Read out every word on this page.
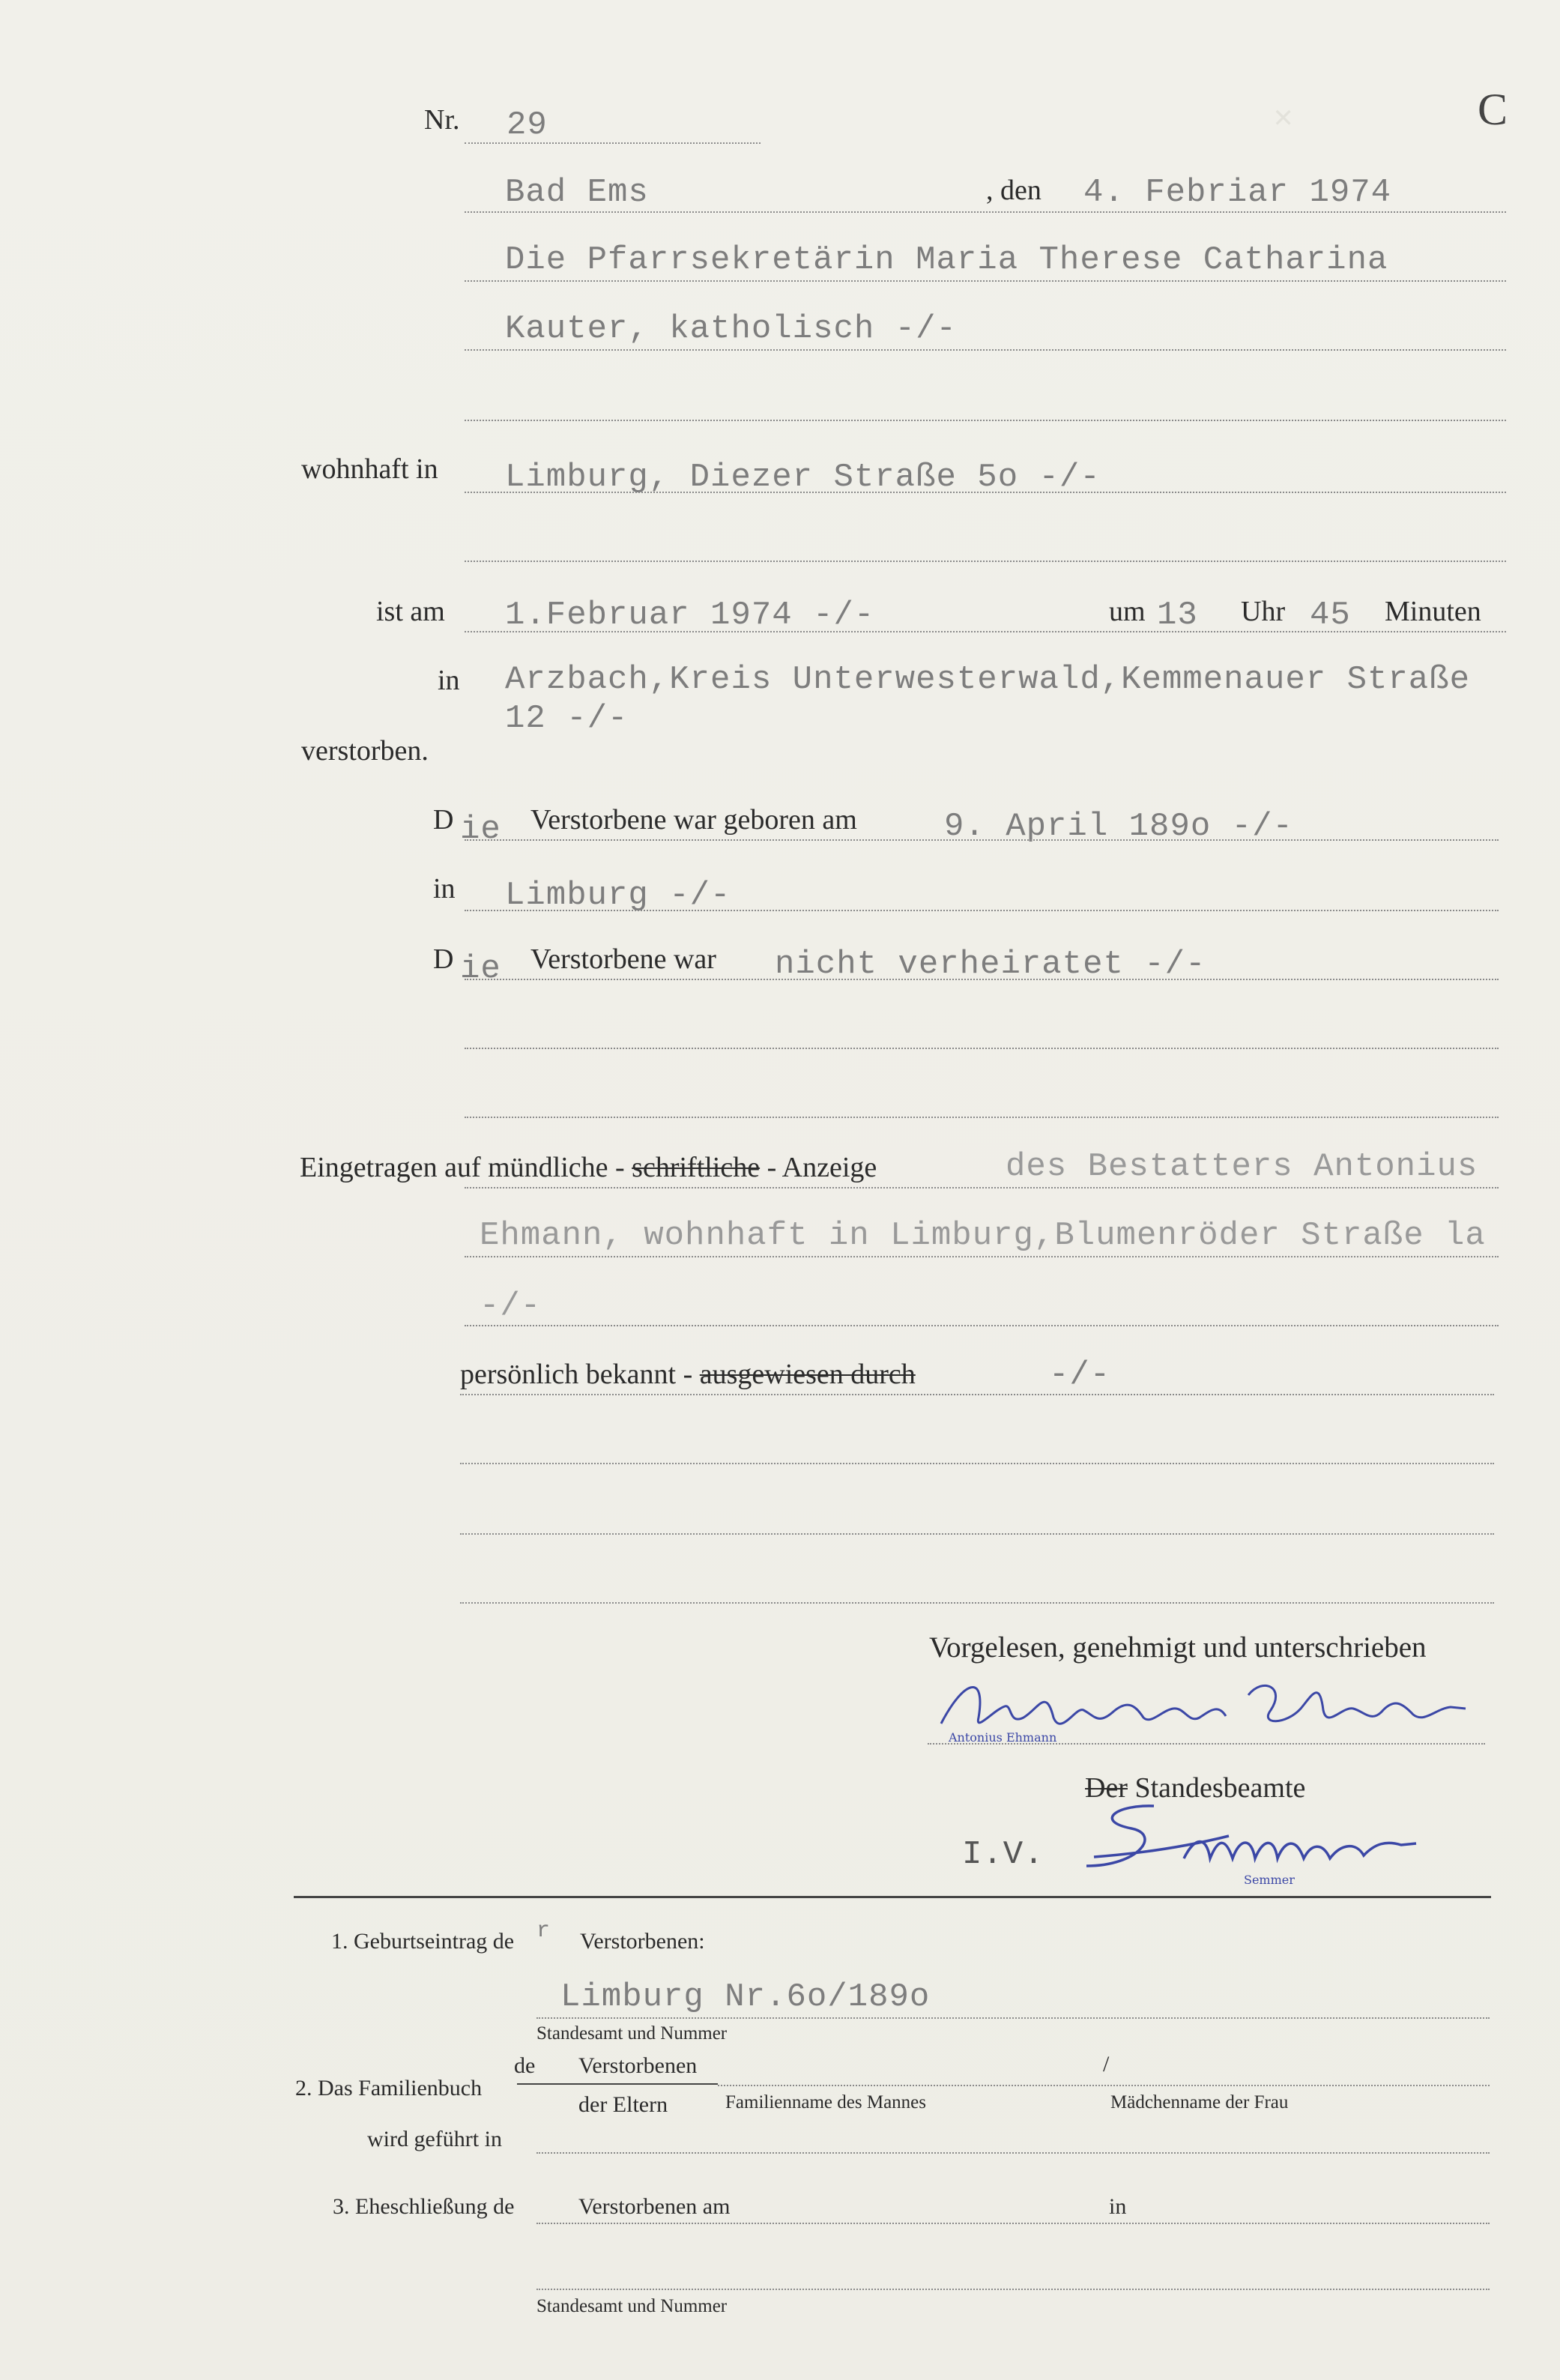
✕	C
Nr. 29
Bad Ems	, den 4. Febriar 1974
Die Pfarrsekretärin Maria Therese Catharina
Kauter, katholisch -/-
wohnhaft in Limburg, Diezer Straße 5o -/-
ist am 1.Februar 1974 -/-	um 13 Uhr 45 Minuten
in Arzbach,Kreis Unterwesterwald,Kemmenauer Straße
12 -/-
verstorben.
D ie Verstorbene war geboren am	9. April 189o -/-
in Limburg -/-
D ie Verstorbene war nicht verheiratet -/-
Eingetragen auf mündliche - schriftliche - Anzeige	des Bestatters Antonius
Ehmann, wohnhaft in Limburg,Blumenröder Straße la
-/-
persönlich bekannt - ausgewiesen durch	-/-
Vorgelesen, genehmigt und unterschrieben
Antonius Ehmann
Der Standesbeamte
I.V.
Semmer
1. Geburtseintrag de r Verstorbenen:
Limburg Nr.6o/189o
Standesamt und Nummer
2. Das Familienbuch
de Verstorbenen
der Eltern
/
Familienname des Mannes	Mädchenname der Frau
wird geführt in
3. Eheschließung de	Verstorbenen am	in
Standesamt und Nummer
